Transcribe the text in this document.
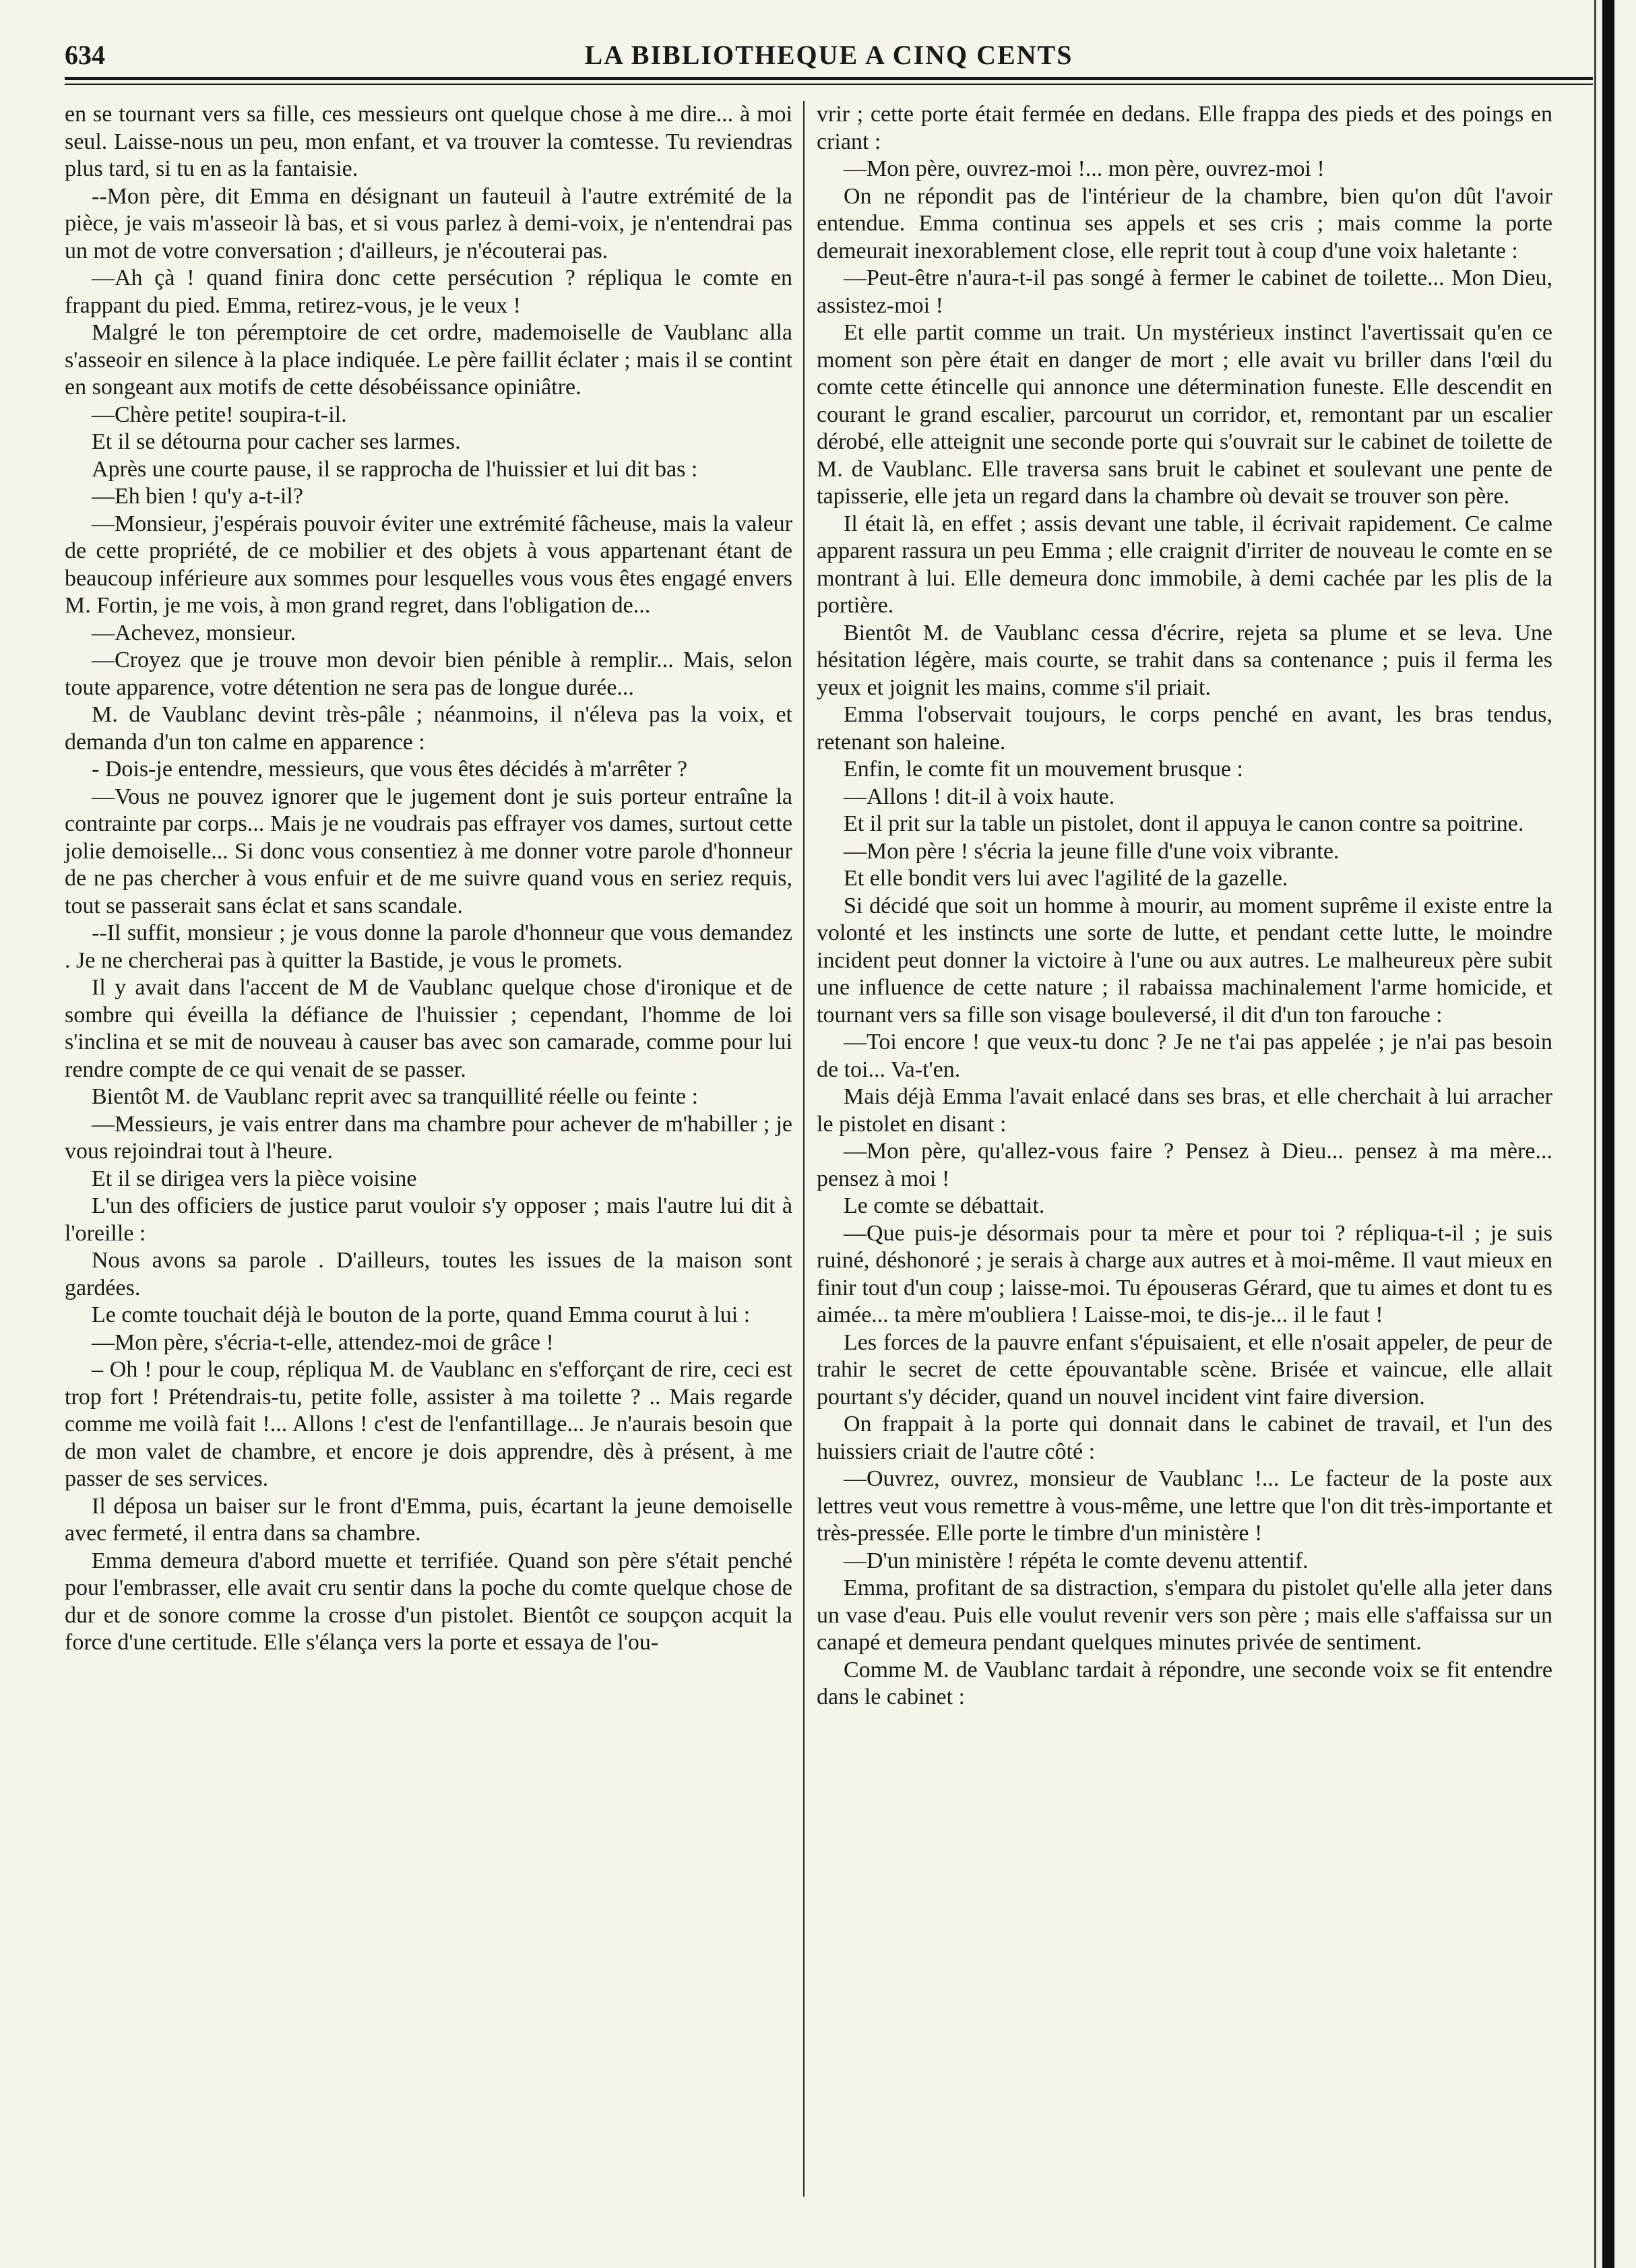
634	LA BIBLIOTHEQUE A CINQ CENTS

en se tournant vers sa fille, ces messieurs ont quelque chose à me dire... à moi seul. Laisse-nous un peu, mon enfant, et va trouver la comtesse. Tu reviendras plus tard, si tu en as la fantaisie.

--Mon père, dit Emma en désignant un fauteuil à l'autre extrémité de la pièce, je vais m'asseoir là bas, et si vous parlez à demi-voix, je n'entendrai pas un mot de votre conversation ; d'ailleurs, je n'écouterai pas.

—Ah çà ! quand finira donc cette persécution ? répliqua le comte en frappant du pied. Emma, retirez-vous, je le veux !

Malgré le ton péremptoire de cet ordre, mademoiselle de Vaublanc alla s'asseoir en silence à la place indiquée. Le père faillit éclater ; mais il se contint en songeant aux motifs de cette désobéissance opiniâtre.

—Chère petite! soupira-t-il.

Et il se détourna pour cacher ses larmes.

Après une courte pause, il se rapprocha de l'huissier et lui dit bas :

—Eh bien ! qu'y a-t-il?

—Monsieur, j'espérais pouvoir éviter une extrémité fâcheuse, mais la valeur de cette propriété, de ce mobilier et des objets à vous appartenant étant de beaucoup inférieure aux sommes pour lesquelles vous vous êtes engagé envers M. Fortin, je me vois, à mon grand regret, dans l'obligation de...

—Achevez, monsieur.

—Croyez que je trouve mon devoir bien pénible à remplir... Mais, selon toute apparence, votre détention ne sera pas de longue durée...

M. de Vaublanc devint très-pâle ; néanmoins, il n'éleva pas la voix, et demanda d'un ton calme en apparence :

- Dois-je entendre, messieurs, que vous êtes décidés à m'arrêter ?

—Vous ne pouvez ignorer que le jugement dont je suis porteur entraîne la contrainte par corps... Mais je ne voudrais pas effrayer vos dames, surtout cette jolie demoiselle... Si donc vous consentiez à me donner votre parole d'honneur de ne pas chercher à vous enfuir et de me suivre quand vous en seriez requis, tout se passerait sans éclat et sans scandale.

--Il suffit, monsieur ; je vous donne la parole d'honneur que vous demandez . Je ne chercherai pas à quitter la Bastide, je vous le promets.

Il y avait dans l'accent de M de Vaublanc quelque chose d'ironique et de sombre qui éveilla la défiance de l'huissier ; cependant, l'homme de loi s'inclina et se mit de nouveau à causer bas avec son camarade, comme pour lui rendre compte de ce qui venait de se passer.

Bientôt M. de Vaublanc reprit avec sa tranquillité réelle ou feinte :

—Messieurs, je vais entrer dans ma chambre pour achever de m'habiller ; je vous rejoindrai tout à l'heure.

Et il se dirigea vers la pièce voisine

L'un des officiers de justice parut vouloir s'y opposer ; mais l'autre lui dit à l'oreille :

Nous avons sa parole . D'ailleurs, toutes les issues de la maison sont gardées.

Le comte touchait déjà le bouton de la porte, quand Emma courut à lui :

—Mon père, s'écria-t-elle, attendez-moi de grâce !

– Oh ! pour le coup, répliqua M. de Vaublanc en s'efforçant de rire, ceci est trop fort ! Prétendrais-tu, petite folle, assister à ma toilette ? .. Mais regarde comme me voilà fait !... Allons ! c'est de l'enfantillage... Je n'aurais besoin que de mon valet de chambre, et encore je dois apprendre, dès à présent, à me passer de ses services.

Il déposa un baiser sur le front d'Emma, puis, écartant la jeune demoiselle avec fermeté, il entra dans sa chambre.

Emma demeura d'abord muette et terrifiée. Quand son père s'était penché pour l'embrasser, elle avait cru sentir dans la poche du comte quelque chose de dur et de sonore comme la crosse d'un pistolet. Bientôt ce soupçon acquit la force d'une certitude. Elle s'élança vers la porte et essaya de l'ou-

vrir ; cette porte était fermée en dedans. Elle frappa des pieds et des poings en criant :

—Mon père, ouvrez-moi !... mon père, ouvrez-moi !

On ne répondit pas de l'intérieur de la chambre, bien qu'on dût l'avoir entendue. Emma continua ses appels et ses cris ; mais comme la porte demeurait inexorablement close, elle reprit tout à coup d'une voix haletante :

—Peut-être n'aura-t-il pas songé à fermer le cabinet de toilette... Mon Dieu, assistez-moi !

Et elle partit comme un trait. Un mystérieux instinct l'avertissait qu'en ce moment son père était en danger de mort ; elle avait vu briller dans l'œil du comte cette étincelle qui annonce une détermination funeste. Elle descendit en courant le grand escalier, parcourut un corridor, et, remontant par un escalier dérobé, elle atteignit une seconde porte qui s'ouvrait sur le cabinet de toilette de M. de Vaublanc. Elle traversa sans bruit le cabinet et soulevant une pente de tapisserie, elle jeta un regard dans la chambre où devait se trouver son père.

Il était là, en effet ; assis devant une table, il écrivait rapidement. Ce calme apparent rassura un peu Emma ; elle craignit d'irriter de nouveau le comte en se montrant à lui. Elle demeura donc immobile, à demi cachée par les plis de la portière.

Bientôt M. de Vaublanc cessa d'écrire, rejeta sa plume et se leva. Une hésitation légère, mais courte, se trahit dans sa contenance ; puis il ferma les yeux et joignit les mains, comme s'il priait.

Emma l'observait toujours, le corps penché en avant, les bras tendus, retenant son haleine.

Enfin, le comte fit un mouvement brusque :

—Allons ! dit-il à voix haute.

Et il prit sur la table un pistolet, dont il appuya le canon contre sa poitrine.

—Mon père ! s'écria la jeune fille d'une voix vibrante.

Et elle bondit vers lui avec l'agilité de la gazelle.

Si décidé que soit un homme à mourir, au moment suprême il existe entre la volonté et les instincts une sorte de lutte, et pendant cette lutte, le moindre incident peut donner la victoire à l'une ou aux autres. Le malheureux père subit une influence de cette nature ; il rabaissa machinalement l'arme homicide, et tournant vers sa fille son visage bouleversé, il dit d'un ton farouche :

—Toi encore ! que veux-tu donc ? Je ne t'ai pas appelée ; je n'ai pas besoin de toi... Va-t'en.

Mais déjà Emma l'avait enlacé dans ses bras, et elle cherchait à lui arracher le pistolet en disant :

—Mon père, qu'allez-vous faire ? Pensez à Dieu... pensez à ma mère... pensez à moi !

Le comte se débattait.

—Que puis-je désormais pour ta mère et pour toi ? répliqua-t-il ; je suis ruiné, déshonoré ; je serais à charge aux autres et à moi-même. Il vaut mieux en finir tout d'un coup ; laisse-moi. Tu épouseras Gérard, que tu aimes et dont tu es aimée... ta mère m'oubliera ! Laisse-moi, te dis-je... il le faut !

Les forces de la pauvre enfant s'épuisaient, et elle n'osait appeler, de peur de trahir le secret de cette épouvantable scène. Brisée et vaincue, elle allait pourtant s'y décider, quand un nouvel incident vint faire diversion.

On frappait à la porte qui donnait dans le cabinet de travail, et l'un des huissiers criait de l'autre côté :

—Ouvrez, ouvrez, monsieur de Vaublanc !... Le facteur de la poste aux lettres veut vous remettre à vous-même, une lettre que l'on dit très-importante et très-pressée. Elle porte le timbre d'un ministère !

—D'un ministère ! répéta le comte devenu attentif.

Emma, profitant de sa distraction, s'empara du pistolet qu'elle alla jeter dans un vase d'eau. Puis elle voulut revenir vers son père ; mais elle s'affaissa sur un canapé et demeura pendant quelques minutes privée de sentiment.

Comme M. de Vaublanc tardait à répondre, une seconde voix se fit entendre dans le cabinet :
